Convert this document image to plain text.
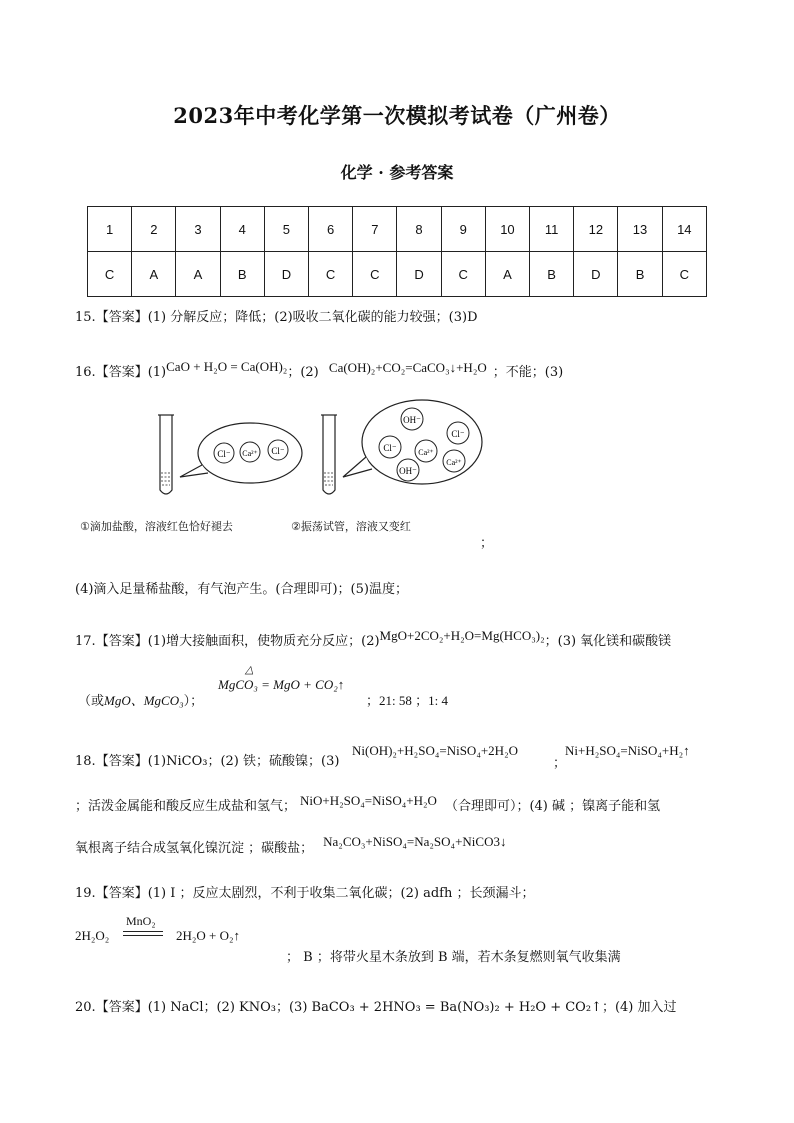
2023年中考化学第一次模拟考试卷（广州卷）
化学 · 参考答案
1	2	3	4	5	6	7	8	9	10	11	12	13	14
C	A	A	B	D	C	C	D	C	A	B	D	B	C
15.【答案】(1) 分解反应；降低；(2)吸收二氧化碳的能力较强；(3)D
16.【答案】(1)CaO + H₂O = Ca(OH)₂；(2) Ca(OH)₂+CO₂=CaCO₃↓+H₂O ；不能；(3)
Cl⁻ Ca²⁺ Cl⁻
OH⁻
Cl⁻	Ca²⁺
Cl⁻
OH⁻
Ca²⁺
①滴加盐酸，溶液红色恰好褪去	②振荡试管，溶液又变红
；
(4)滴入足量稀盐酸，有气泡产生。(合理即可)；(5)温度；
17.【答案】(1)增大接触面积，使物质充分反应；(2)MgO+2CO₂+H₂O=Mg(HCO₃)₂；(3) 氧化镁和碳酸镁
（或MgO、MgCO₃）；
△
MgCO₃ = MgO + CO₂↑
；21: 58 ；1: 4
18.【答案】(1)NiCO₃；(2) 铁；硫酸镍；(3)
Ni(OH)₂+H₂SO₄=NiSO₄+2H₂O
；
Ni+H₂SO₄=NiSO₄+H₂↑
；活泼金属能和酸反应生成盐和氢气； NiO+H₂SO₄=NiSO₄+H₂O （合理即可）；(4) 碱 ；镍离子能和氢
氧根离子结合成氢氧化镍沉淀 ；碳酸盐； Na₂CO₃+NiSO₄=Na₂SO₄+NiCO3↓
19.【答案】(1) Ⅰ ；反应太剧烈，不利于收集二氧化碳；(2) adfh ；长颈漏斗；
MnO₂
2H₂O₂	2H₂O + O₂↑
； B ；将带火星木条放到 B 端，若木条复燃则氧气收集满
20.【答案】(1) NaCl；(2) KNO₃；(3) BaCO₃ + 2HNO₃ = Ba(NO₃)₂ + H₂O + CO₂↑；(4) 加入过
